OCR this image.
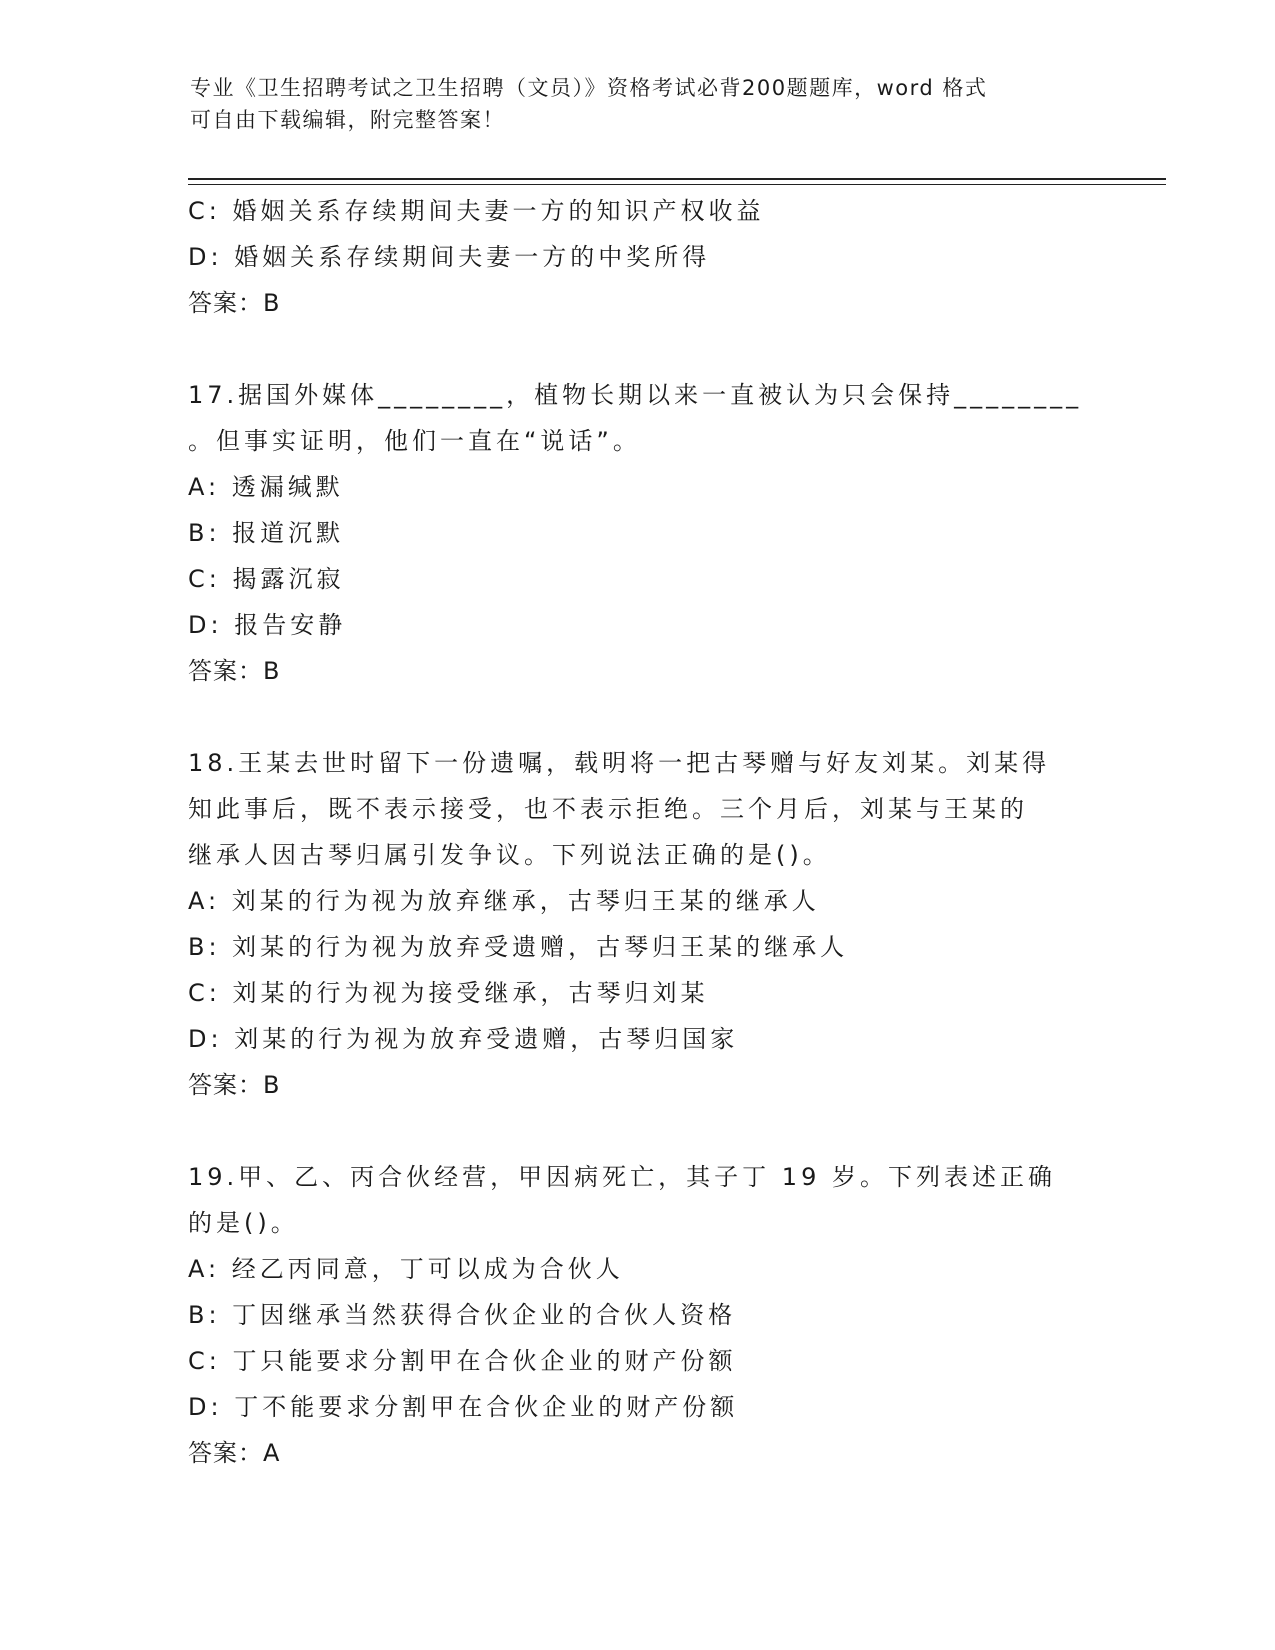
专业《卫生招聘考试之卫生招聘（文员）》资格考试必背200题题库，word 格式
可自由下载编辑，附完整答案！
C: 婚姻关系存续期间夫妻一方的知识产权收益
D: 婚姻关系存续期间夫妻一方的中奖所得
答案：B
17.据国外媒体________，植物长期以来一直被认为只会保持________
。但事实证明，他们一直在“说话”。
A: 透漏缄默
B: 报道沉默
C: 揭露沉寂
D: 报告安静
答案：B
18.王某去世时留下一份遗嘱，载明将一把古琴赠与好友刘某。刘某得
知此事后，既不表示接受，也不表示拒绝。三个月后，刘某与王某的
继承人因古琴归属引发争议。下列说法正确的是()。
A: 刘某的行为视为放弃继承，古琴归王某的继承人
B: 刘某的行为视为放弃受遗赠，古琴归王某的继承人
C: 刘某的行为视为接受继承，古琴归刘某
D: 刘某的行为视为放弃受遗赠，古琴归国家
答案：B
19.甲、乙、丙合伙经营，甲因病死亡，其子丁 19 岁。下列表述正确
的是()。
A: 经乙丙同意，丁可以成为合伙人
B: 丁因继承当然获得合伙企业的合伙人资格
C: 丁只能要求分割甲在合伙企业的财产份额
D: 丁不能要求分割甲在合伙企业的财产份额
答案：A
